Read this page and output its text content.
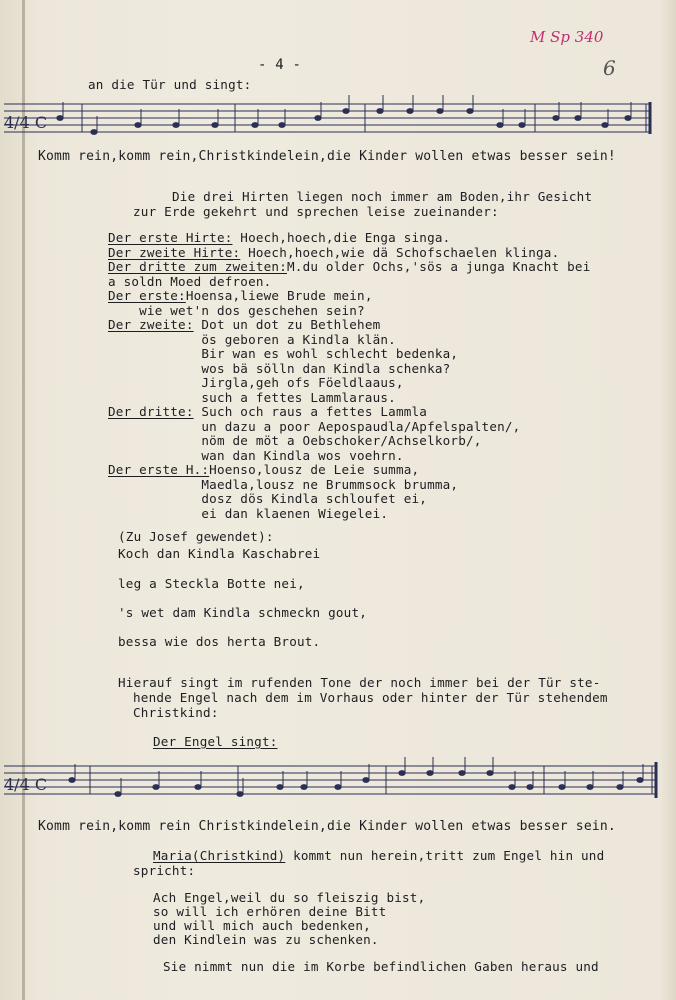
- 4 -
M Sp 340
6
an die Tür und singt:
4/4 C
Komm rein,komm rein,Christkindelein,die Kinder wollen etwas besser sein!
Die drei Hirten liegen noch immer am Boden,ihr Gesicht
zur Erde gekehrt und sprechen leise zueinander:
Der erste Hirte: Hoech,hoech,die Enga singa.
Der zweite Hirte: Hoech,hoech,wie dä Schofschaelen klinga.
Der dritte zum zweiten:M.du older Ochs,'sös a junga Knacht bei
a soldn Moed defroen.
Der erste:Hoensa,liewe Brude mein,
wie wet'n dos geschehen sein?
Der zweite: Dot un dot zu Bethlehem
ös geboren a Kindla klän.
Bir wan es wohl schlecht bedenka,
wos bä sölln dan Kindla schenka?
Jirgla,geh ofs Föeldlaaus,
such a fettes Lammlaraus.
Der dritte: Such och raus a fettes Lammla
un dazu a poor Aepospaudla/Apfelspalten/,
nöm de möt a Oebschoker/Achselkorb/,
wan dan Kindla wos voehrn.
Der erste H.:Hoenso,lousz de Leie summa,
Maedla,lousz ne Brummsock brumma,
dosz dös Kindla schloufet ei,
ei dan klaenen Wiegelei.
(Zu Josef gewendet):
Koch dan Kindla Kaschabrei
leg a Steckla Botte nei,
's wet dam Kindla schmeckn gout,
bessa wie dos herta Brout.
Hierauf singt im rufenden Tone der noch immer bei der Tür ste-
hende Engel nach dem im Vorhaus oder hinter der Tür stehendem
Christkind:
Der Engel singt:
4/4 C
Komm rein,komm rein Christkindelein,die Kinder wollen etwas besser sein.
Maria(Christkind) kommt nun herein,tritt zum Engel hin und
spricht:
Ach Engel,weil du so fleiszig bist,
so will ich erhören deine Bitt
und will mich auch bedenken,
den Kindlein was zu schenken.
Sie nimmt nun die im Korbe befindlichen Gaben heraus und
